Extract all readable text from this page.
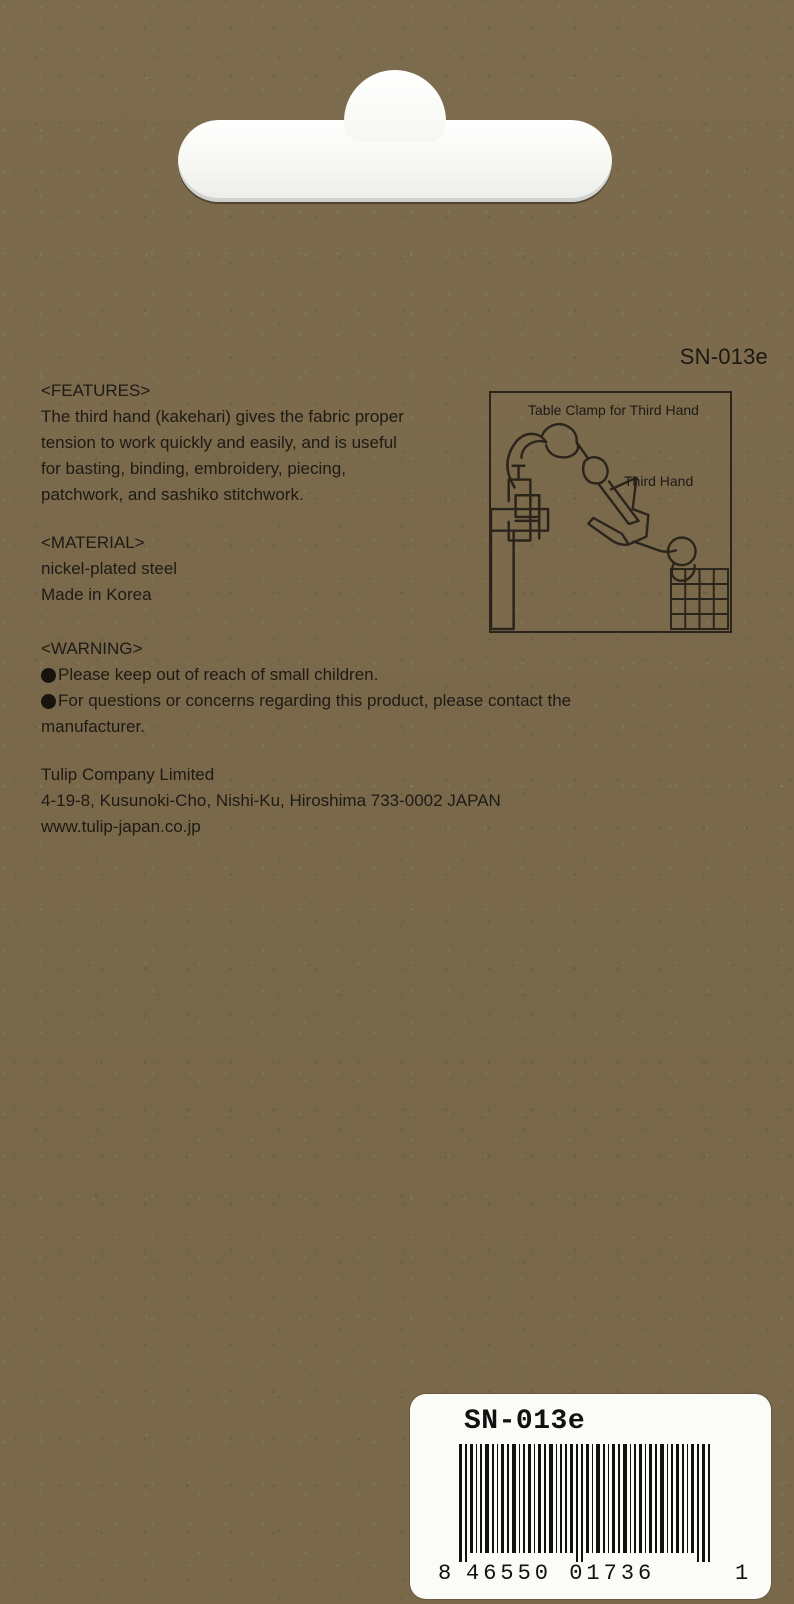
SN-013e
<FEATURES>
The third hand (kakehari) gives the fabric proper
tension to work quickly and easily, and is useful
for basting, binding, embroidery, piecing,
patchwork, and sashiko stitchwork.
<MATERIAL>
nickel-plated steel
Made in Korea
<WARNING>
Please keep out of reach of small children.
For questions or concerns regarding this product, please contact the
manufacturer.
Tulip Company Limited
4-19-8, Kusunoki-Cho, Nishi-Ku, Hiroshima 733-0002 JAPAN
www.tulip-japan.co.jp
Table Clamp for Third Hand
Third Hand
SN-013e
8 46550 01736	1
